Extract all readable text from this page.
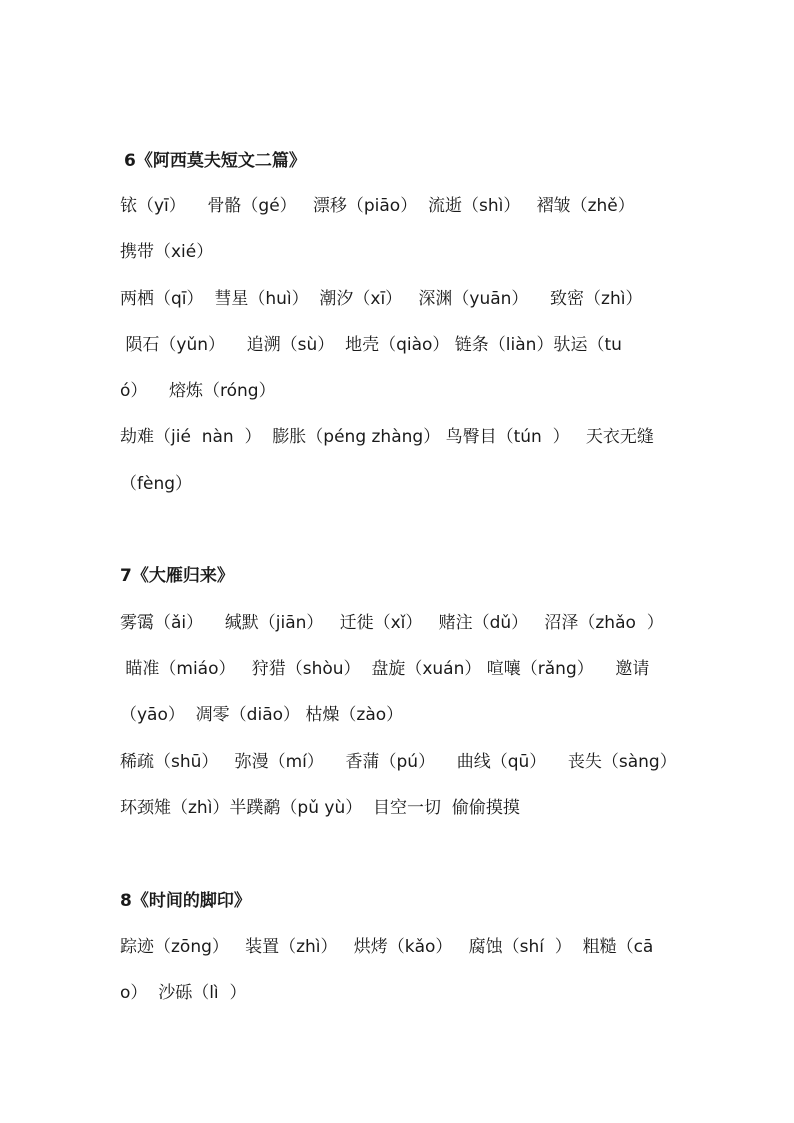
6《阿西莫夫短文二篇》
铱（yī）    骨骼（gé）   漂移（piāo）  流逝（shì）   褶皱（zhě）
携带（xié）
两栖（qī）  彗星（huì）  潮汐（xī）   深渊（yuān）    致密（zhì）
陨石（yǔn）    追溯（sù）  地壳（qiào） 链条（liàn）驮运（tu
ó）    熔炼（róng）
劫难（jié  nàn  ）  膨胀（péng zhàng） 鸟臀目（tún  ）   天衣无缝
（fèng）
7《大雁归来》
雾霭（ǎi）    缄默（jiān）   迁徙（xǐ）   赌注（dǔ）   沼泽（zhǎo  ）
瞄准（miáo）   狩猎（shòu）  盘旋（xuán） 喧嚷（rǎng）    邀请
（yāo）  凋零（diāo） 枯燥（zào）
稀疏（shū）   弥漫（mí）    香蒲（pú）    曲线（qū）    丧失（sàng）
环颈雉（zhì）半蹼鹬（pǔ yù）  目空一切  偷偷摸摸
8《时间的脚印》
踪迹（zōng）   装置（zhì）   烘烤（kǎo）   腐蚀（shí  ）  粗糙（cā
o）  沙砾（lì  ）
